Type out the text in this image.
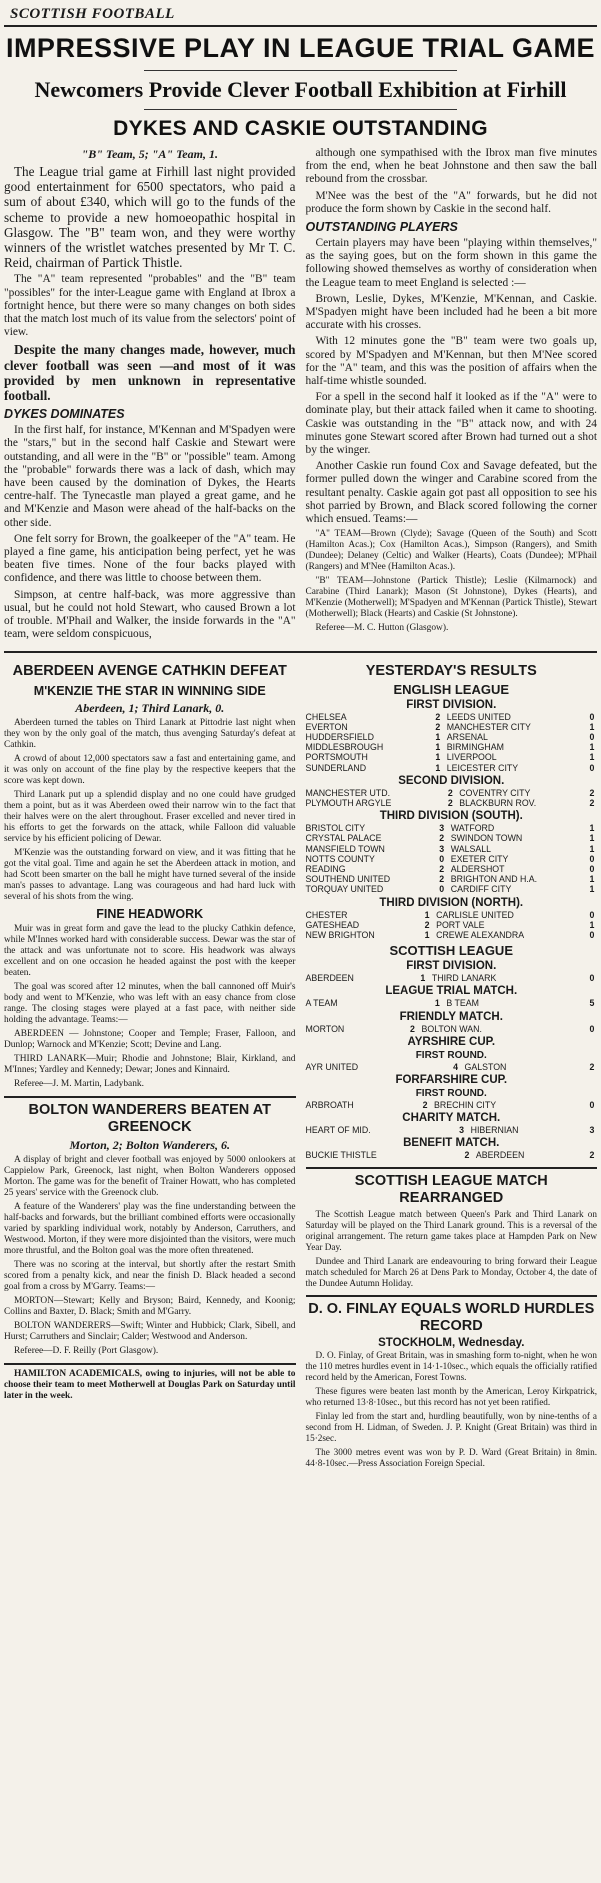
SCOTTISH FOOTBALL
IMPRESSIVE PLAY IN LEAGUE TRIAL GAME
Newcomers Provide Clever Football Exhibition at Firhill
DYKES AND CASKIE OUTSTANDING
"B" Team, 5; "A" Team, 1.

The League trial game at Firhill last night provided good entertainment for 6500 spectators, who paid a sum of about £340, which will go to the funds of the scheme to provide a new homoeopathic hospital in Glasgow. The "B" team won, and they were worthy winners of the wristlet watches presented by Mr T. C. Reid, chairman of Partick Thistle.

The "A" team represented "probables" and the "B" team "possibles" for the inter-League game with England at Ibrox a fortnight hence, but there were so many changes on both sides that the match lost much of its value from the selectors' point of view.

Despite the many changes made, however, much clever football was seen —and most of it was provided by men unknown in representative football.

DYKES DOMINATES

In the first half, for instance, M'Kennan and M'Spadyen were the "stars," but in the second half Caskie and Stewart were outstanding, and all were in the "B" or "possible" team. Among the "probable" forwards there was a lack of dash, which may have been caused by the domination of Dykes, the Hearts centre-half. The Tynecastle man played a great game, and he and M'Kenzie and Mason were ahead of the half-backs on the other side.

One felt sorry for Brown, the goalkeeper of the "A" team. He played a fine game, his anticipation being perfect, yet he was beaten five times. None of the four backs played with confidence, and there was little to choose between them.

Simpson, at centre half-back, was more aggressive than usual, but he could not hold Stewart, who caused Brown a lot of trouble. M'Phail and Walker, the inside forwards in the "A" team, were seldom conspicuous,

although one sympathised with the Ibrox man five minutes from the end, when he beat Johnstone and then saw the ball rebound from the crossbar.

M'Nee was the best of the "A" forwards, but he did not produce the form shown by Caskie in the second half.

OUTSTANDING PLAYERS

Certain players may have been "playing within themselves," as the saying goes, but on the form shown in this game the following showed themselves as worthy of consideration when the League team to meet England is selected :—

Brown, Leslie, Dykes, M'Kenzie, M'Kennan, and Caskie. M'Spadyen might have been included had he been a bit more accurate with his crosses.

With 12 minutes gone the "B" team were two goals up, scored by M'Spadyen and M'Kennan, but then M'Nee scored for the "A" team, and this was the position of affairs when the half-time whistle sounded.

For a spell in the second half it looked as if the "A" were to dominate play, but their attack failed when it came to shooting. Caskie was outstanding in the "B" attack now, and with 24 minutes gone Stewart scored after Brown had turned out a shot by the winger.

Another Caskie run found Cox and Savage defeated, but the former pulled down the winger and Carabine scored from the resultant penalty. Caskie again got past all opposition to see his shot parried by Brown, and Black scored following the corner which ensued. Teams:—

"A" TEAM—Brown (Clyde); Savage (Queen of the South) and Scott (Hamilton Acas.); Cox (Hamilton Acas.), Simpson (Rangers), and Smith (Dundee); Delaney (Celtic) and Walker (Hearts), Coats (Dundee); M'Phail (Rangers) and M'Nee (Hamilton Acas.).

"B" TEAM—Johnstone (Partick Thistle); Leslie (Kilmarnock) and Carabine (Third Lanark); Mason (St Johnstone), Dykes (Hearts), and M'Kenzie (Motherwell); M'Spadyen and M'Kennan (Partick Thistle), Stewart (Motherwell); Black (Hearts) and Caskie (St Johnstone).

Referee—M. C. Hutton (Glasgow).

ABERDEEN AVENGE CATHKIN DEFEAT
M'KENZIE THE STAR IN WINNING SIDE
Aberdeen, 1; Third Lanark, 0.

Aberdeen turned the tables on Third Lanark at Pittodrie last night when they won by the only goal of the match, thus avenging Saturday's defeat at Cathkin.

A crowd of about 12,000 spectators saw a fast and entertaining game, and it was only on account of the fine play by the respective keepers that the score was kept down.

Third Lanark put up a splendid display and no one could have grudged them a point, but as it was Aberdeen owed their narrow win to the fact that their halves were on the alert throughout. Fraser excelled and never tired in his efforts to get the forwards on the attack, while Falloon did valuable service by his efficient policing of Dewar.

M'Kenzie was the outstanding forward on view, and it was fitting that he got the vital goal. Time and again he set the Aberdeen attack in motion, and had Scott been smarter on the ball he might have turned several of the inside man's passes to advantage. Lang was courageous and had hard luck with several of his shots from the wing.

FINE HEADWORK

Muir was in great form and gave the lead to the plucky Cathkin defence, while M'Innes worked hard with considerable success. Dewar was the star of the attack and was unfortunate not to score. His headwork was always excellent and on one occasion he headed against the post with the keeper beaten.

The goal was scored after 12 minutes, when the ball cannoned off Muir's body and went to M'Kenzie, who was left with an easy chance from close range. The closing stages were played at a fast pace, with neither side holding the advantage. Teams:—

ABERDEEN — Johnstone; Cooper and Temple; Fraser, Falloon, and Dunlop; Warnock and M'Kenzie; Scott; Devine and Lang.

THIRD LANARK—Muir; Rhodie and Johnstone; Blair, Kirkland, and M'Innes; Yardley and Kennedy; Dewar; Jones and Kinnaird.

Referee—J. M. Martin, Ladybank.

BOLTON WANDERERS BEATEN AT GREENOCK
Morton, 2; Bolton Wanderers, 6.

A display of bright and clever football was enjoyed by 5000 onlookers at Cappielow Park, Greenock, last night, when Bolton Wanderers opposed Morton. The game was for the benefit of Trainer Howatt, who has completed 25 years' service with the Greenock club.

A feature of the Wanderers' play was the fine understanding between the half-backs and forwards, but the brilliant combined efforts were occasionally varied by sparkling individual work, notably by Anderson, Carruthers, and Westwood. Morton, if they were more disjointed than the visitors, were much more thrustful, and the Bolton goal was the more often threatened.

There was no scoring at the interval, but shortly after the restart Smith scored from a penalty kick, and near the finish D. Black headed a second goal from a cross by M'Garry. Teams:—

MORTON—Stewart; Kelly and Bryson; Baird, Kennedy, and Koonig; Collins and Baxter, D. Black; Smith and M'Garry.

BOLTON WANDERERS—Swift; Winter and Hubbick; Clark, Sibell, and Hurst; Carruthers and Sinclair; Calder; Westwood and Anderson.

Referee—D. F. Reilly (Port Glasgow).

HAMILTON ACADEMICALS, owing to injuries, will not be able to choose their team to meet Motherwell at Douglas Park on Saturday until later in the week.

YESTERDAY'S RESULTS
ENGLISH LEAGUE
FIRST DIVISION.
CHELSEA	2	LEEDS UNITED	0
EVERTON	2	MANCHESTER CITY	1
HUDDERSFIELD	1	ARSENAL	0
MIDDLESBROUGH	1	BIRMINGHAM	1
PORTSMOUTH	1	LIVERPOOL	1
SUNDERLAND	1	LEICESTER CITY	0
SECOND DIVISION.
MANCHESTER UTD.	2	COVENTRY CITY	2
PLYMOUTH ARGYLE	2	BLACKBURN ROV.	2
THIRD DIVISION (SOUTH).
BRISTOL CITY	3	WATFORD	1
CRYSTAL PALACE	2	SWINDON TOWN	1
MANSFIELD TOWN	3	WALSALL	1
NOTTS COUNTY	0	EXETER CITY	0
READING	2	ALDERSHOT	0
SOUTHEND UNITED	2	BRIGHTON AND H.A.	1
TORQUAY UNITED	0	CARDIFF CITY	1
THIRD DIVISION (NORTH).
CHESTER	1	CARLISLE UNITED	0
GATESHEAD	2	PORT VALE	1
NEW BRIGHTON	1	CREWE ALEXANDRA	0
SCOTTISH LEAGUE
FIRST DIVISION.
ABERDEEN	1	THIRD LANARK	0
LEAGUE TRIAL MATCH.
A TEAM	1	B TEAM	5
FRIENDLY MATCH.
MORTON	2	BOLTON WAN.	0
AYRSHIRE CUP.
FIRST ROUND.
AYR UNITED	4	GALSTON	2
FORFARSHIRE CUP.
FIRST ROUND.
ARBROATH	2	BRECHIN CITY	0
CHARITY MATCH.
HEART OF MID.	3	HIBERNIAN	3
BENEFIT MATCH.
BUCKIE THISTLE	2	ABERDEEN	2
SCOTTISH LEAGUE MATCH REARRANGED

The Scottish League match between Queen's Park and Third Lanark on Saturday will be played on the Third Lanark ground. This is a reversal of the original arrangement. The return game takes place at Hampden Park on New Year Day.

Dundee and Third Lanark are endeavouring to bring forward their League match scheduled for March 26 at Dens Park to Monday, October 4, the date of the Dundee Autumn Holiday.

D. O. FINLAY EQUALS WORLD HURDLES RECORD
STOCKHOLM, Wednesday.

D. O. Finlay, of Great Britain, was in smashing form to-night, when he won the 110 metres hurdles event in 14·1-10sec., which equals the officially ratified record held by the American, Forest Towns.

These figures were beaten last month by the American, Leroy Kirkpatrick, who returned 13·8·10sec., but this record has not yet been ratified.

Finlay led from the start and, hurdling beautifully, won by nine-tenths of a second from H. Lidman, of Sweden. J. P. Knight (Great Britain) was third in 15·2sec.

The 3000 metres event was won by P. D. Ward (Great Britain) in 8min. 44·8-10sec.—Press Association Foreign Special.
